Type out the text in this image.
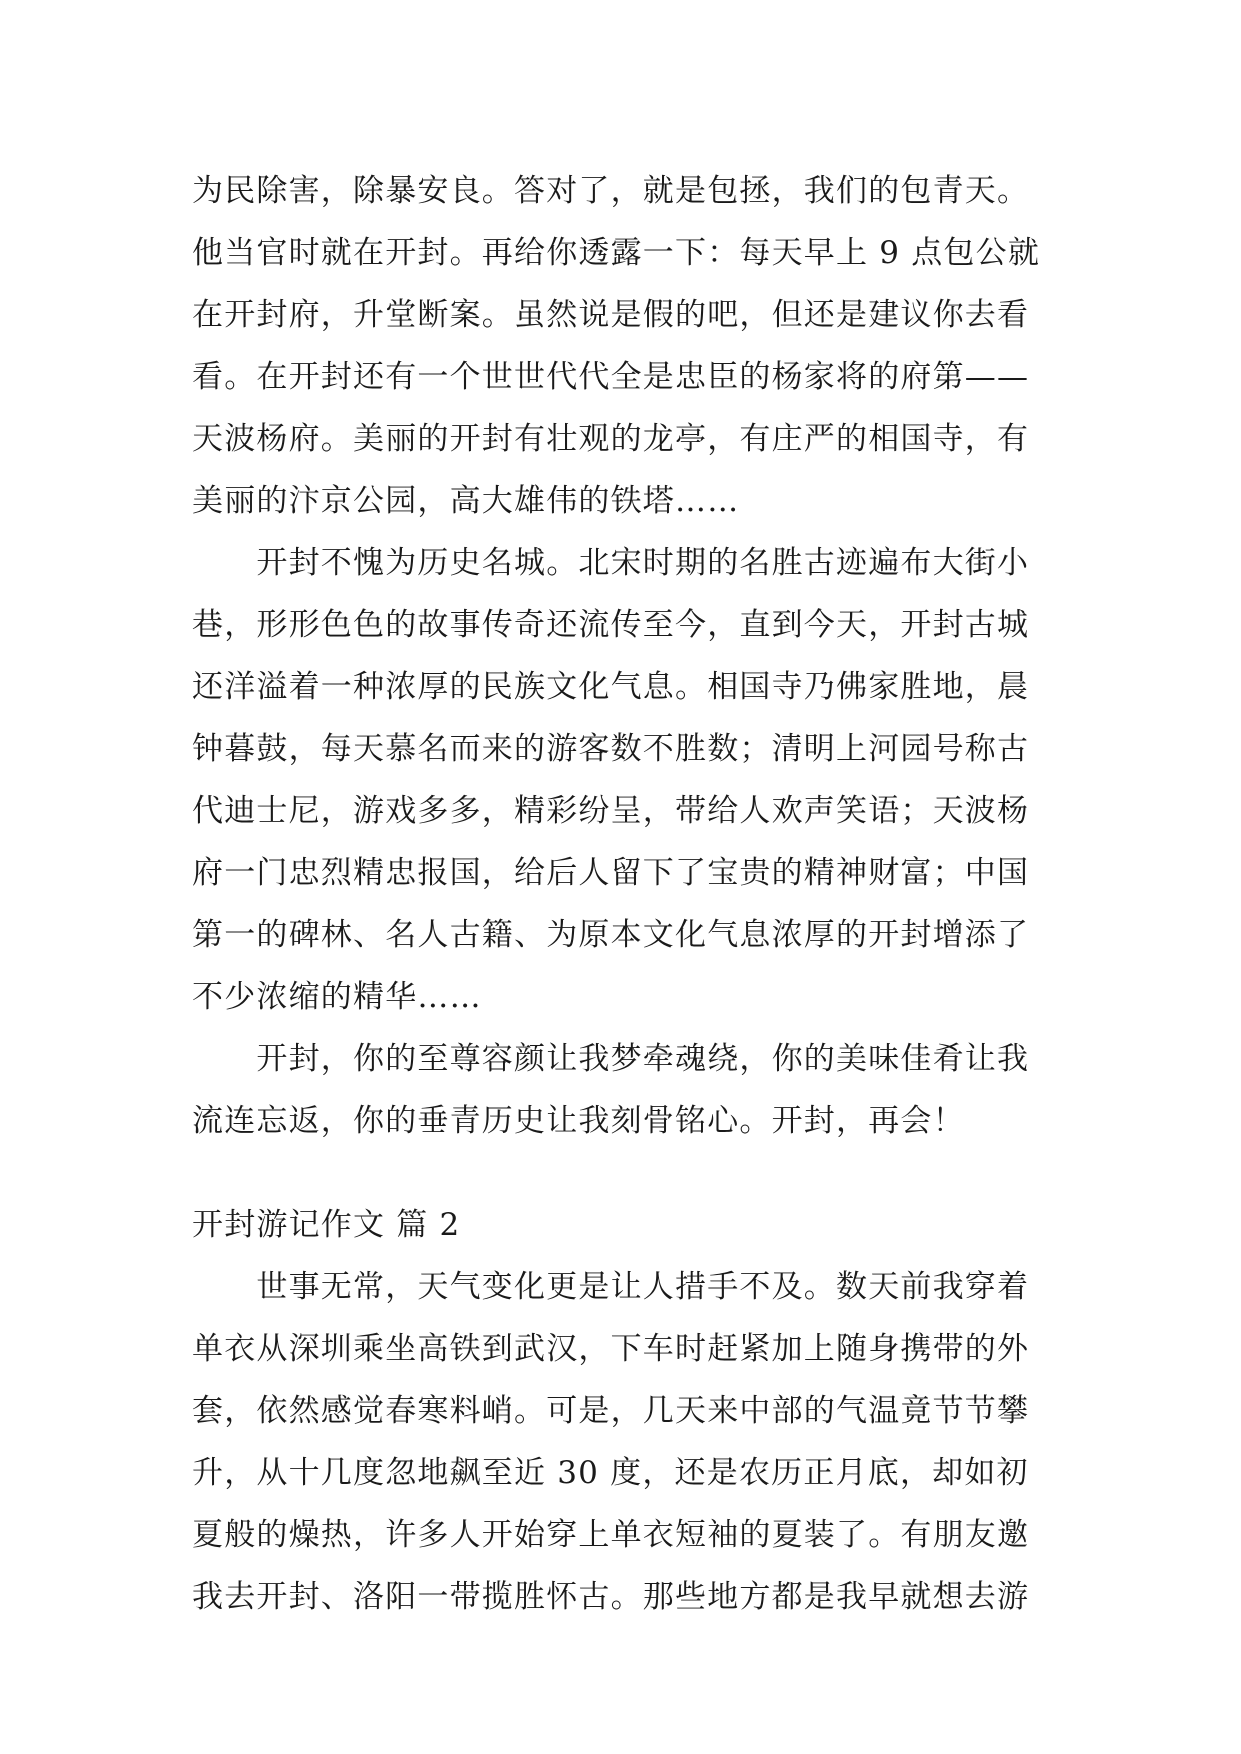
为民除害，除暴安良。答对了，就是包拯，我们的包青天。
他当官时就在开封。再给你透露一下：每天早上 9 点包公就
在开封府，升堂断案。虽然说是假的吧，但还是建议你去看
看。在开封还有一个世世代代全是忠臣的杨家将的府第——
天波杨府。美丽的开封有壮观的龙亭，有庄严的相国寺，有
美丽的汴京公园，高大雄伟的铁塔……
　　开封不愧为历史名城。北宋时期的名胜古迹遍布大街小
巷，形形色色的故事传奇还流传至今，直到今天，开封古城
还洋溢着一种浓厚的民族文化气息。相国寺乃佛家胜地，晨
钟暮鼓，每天慕名而来的游客数不胜数；清明上河园号称古
代迪士尼，游戏多多，精彩纷呈，带给人欢声笑语；天波杨
府一门忠烈精忠报国，给后人留下了宝贵的精神财富；中国
第一的碑林、名人古籍、为原本文化气息浓厚的开封增添了
不少浓缩的精华……
　　开封，你的至尊容颜让我梦牵魂绕，你的美味佳肴让我
流连忘返，你的垂青历史让我刻骨铭心。开封，再会！
开封游记作文 篇 2
　　世事无常，天气变化更是让人措手不及。数天前我穿着
单衣从深圳乘坐高铁到武汉，下车时赶紧加上随身携带的外
套，依然感觉春寒料峭。可是，几天来中部的气温竟节节攀
升，从十几度忽地飙至近 30 度，还是农历正月底，却如初
夏般的燥热，许多人开始穿上单衣短袖的夏装了。有朋友邀
我去开封、洛阳一带揽胜怀古。那些地方都是我早就想去游
